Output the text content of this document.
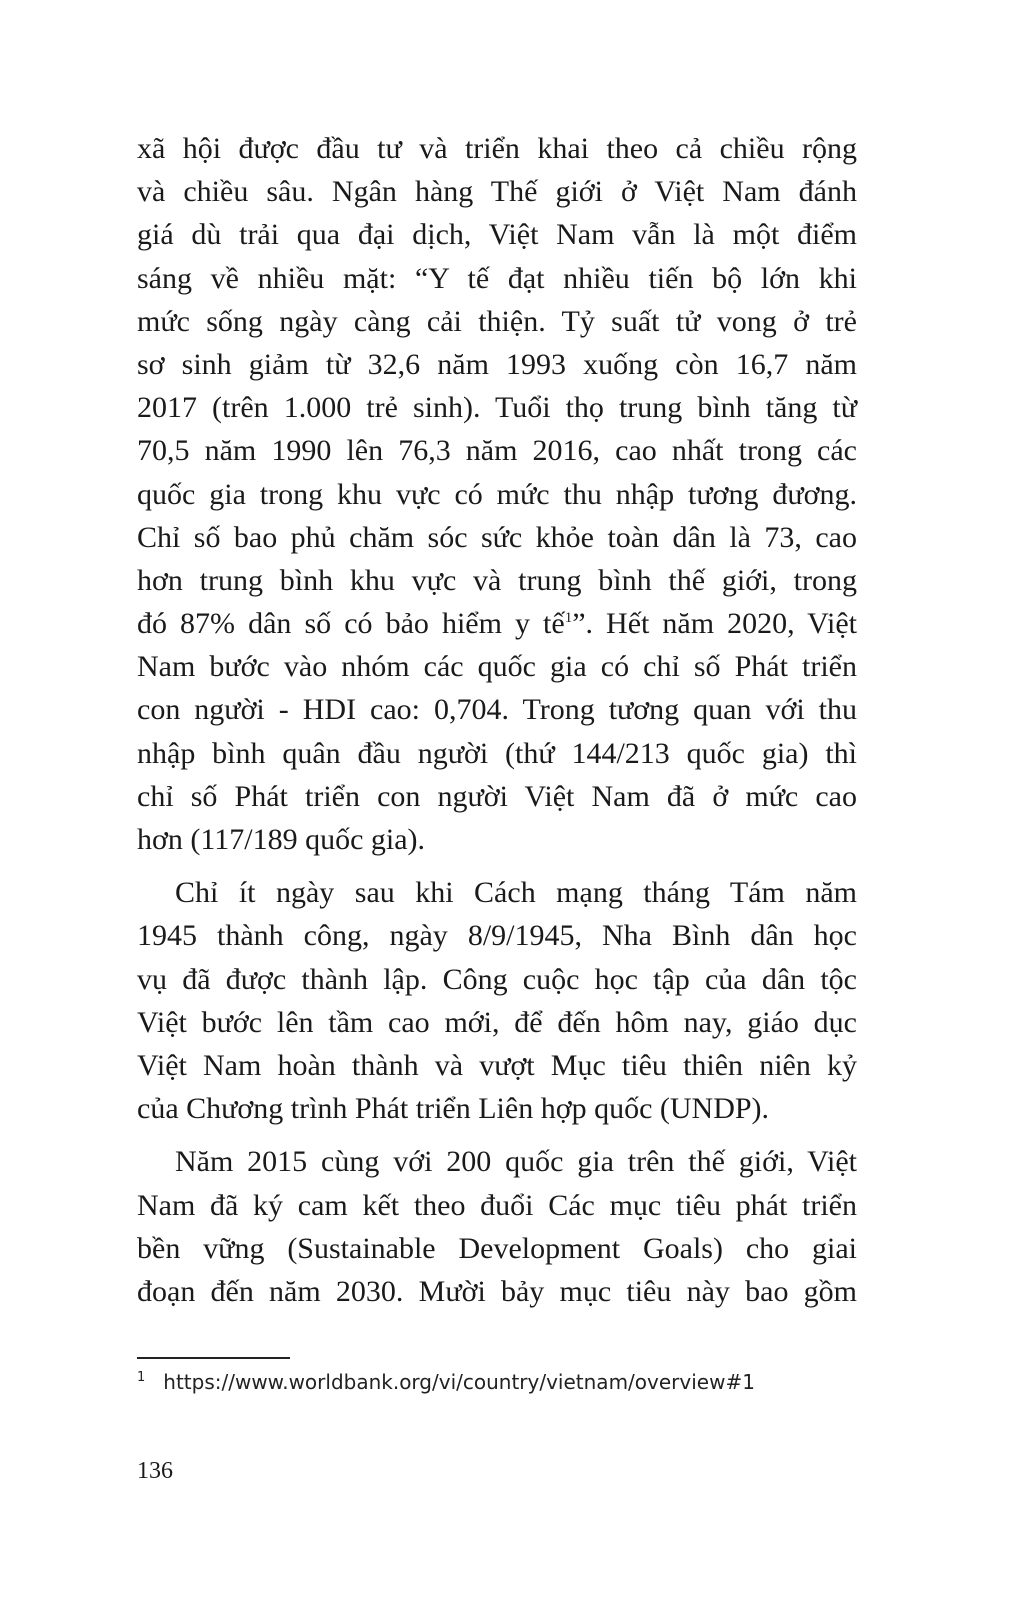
xã hội được đầu tư và triển khai theo cả chiều rộng
và chiều sâu. Ngân hàng Thế giới ở Việt Nam đánh
giá dù trải qua đại dịch, Việt Nam vẫn là một điểm
sáng về nhiều mặt: “Y tế đạt nhiều tiến bộ lớn khi
mức sống ngày càng cải thiện. Tỷ suất tử vong ở trẻ
sơ sinh giảm từ 32,6 năm 1993 xuống còn 16,7 năm
2017 (trên 1.000 trẻ sinh). Tuổi thọ trung bình tăng từ
70,5 năm 1990 lên 76,3 năm 2016, cao nhất trong các
quốc gia trong khu vực có mức thu nhập tương đương.
Chỉ số bao phủ chăm sóc sức khỏe toàn dân là 73, cao
hơn trung bình khu vực và trung bình thế giới, trong
đó 87% dân số có bảo hiểm y tế$^1$”. Hết năm 2020, Việt
Nam bước vào nhóm các quốc gia có chỉ số Phát triển
con người - HDI cao: 0,704. Trong tương quan với thu
nhập bình quân đầu người (thứ 144/213 quốc gia) thì
chỉ số Phát triển con người Việt Nam đã ở mức cao
hơn (117/189 quốc gia).
Chỉ ít ngày sau khi Cách mạng tháng Tám năm
1945 thành công, ngày 8/9/1945, Nha Bình dân học
vụ đã được thành lập. Công cuộc học tập của dân tộc
Việt bước lên tầm cao mới, để đến hôm nay, giáo dục
Việt Nam hoàn thành và vượt Mục tiêu thiên niên kỷ
của Chương trình Phát triển Liên hợp quốc (UNDP).
Năm 2015 cùng với 200 quốc gia trên thế giới, Việt
Nam đã ký cam kết theo đuổi Các mục tiêu phát triển
bền vững (Sustainable Development Goals) cho giai
đoạn đến năm 2030. Mười bảy mục tiêu này bao gồm
$^1$ https://www.worldbank.org/vi/country/vietnam/overview#1
136
